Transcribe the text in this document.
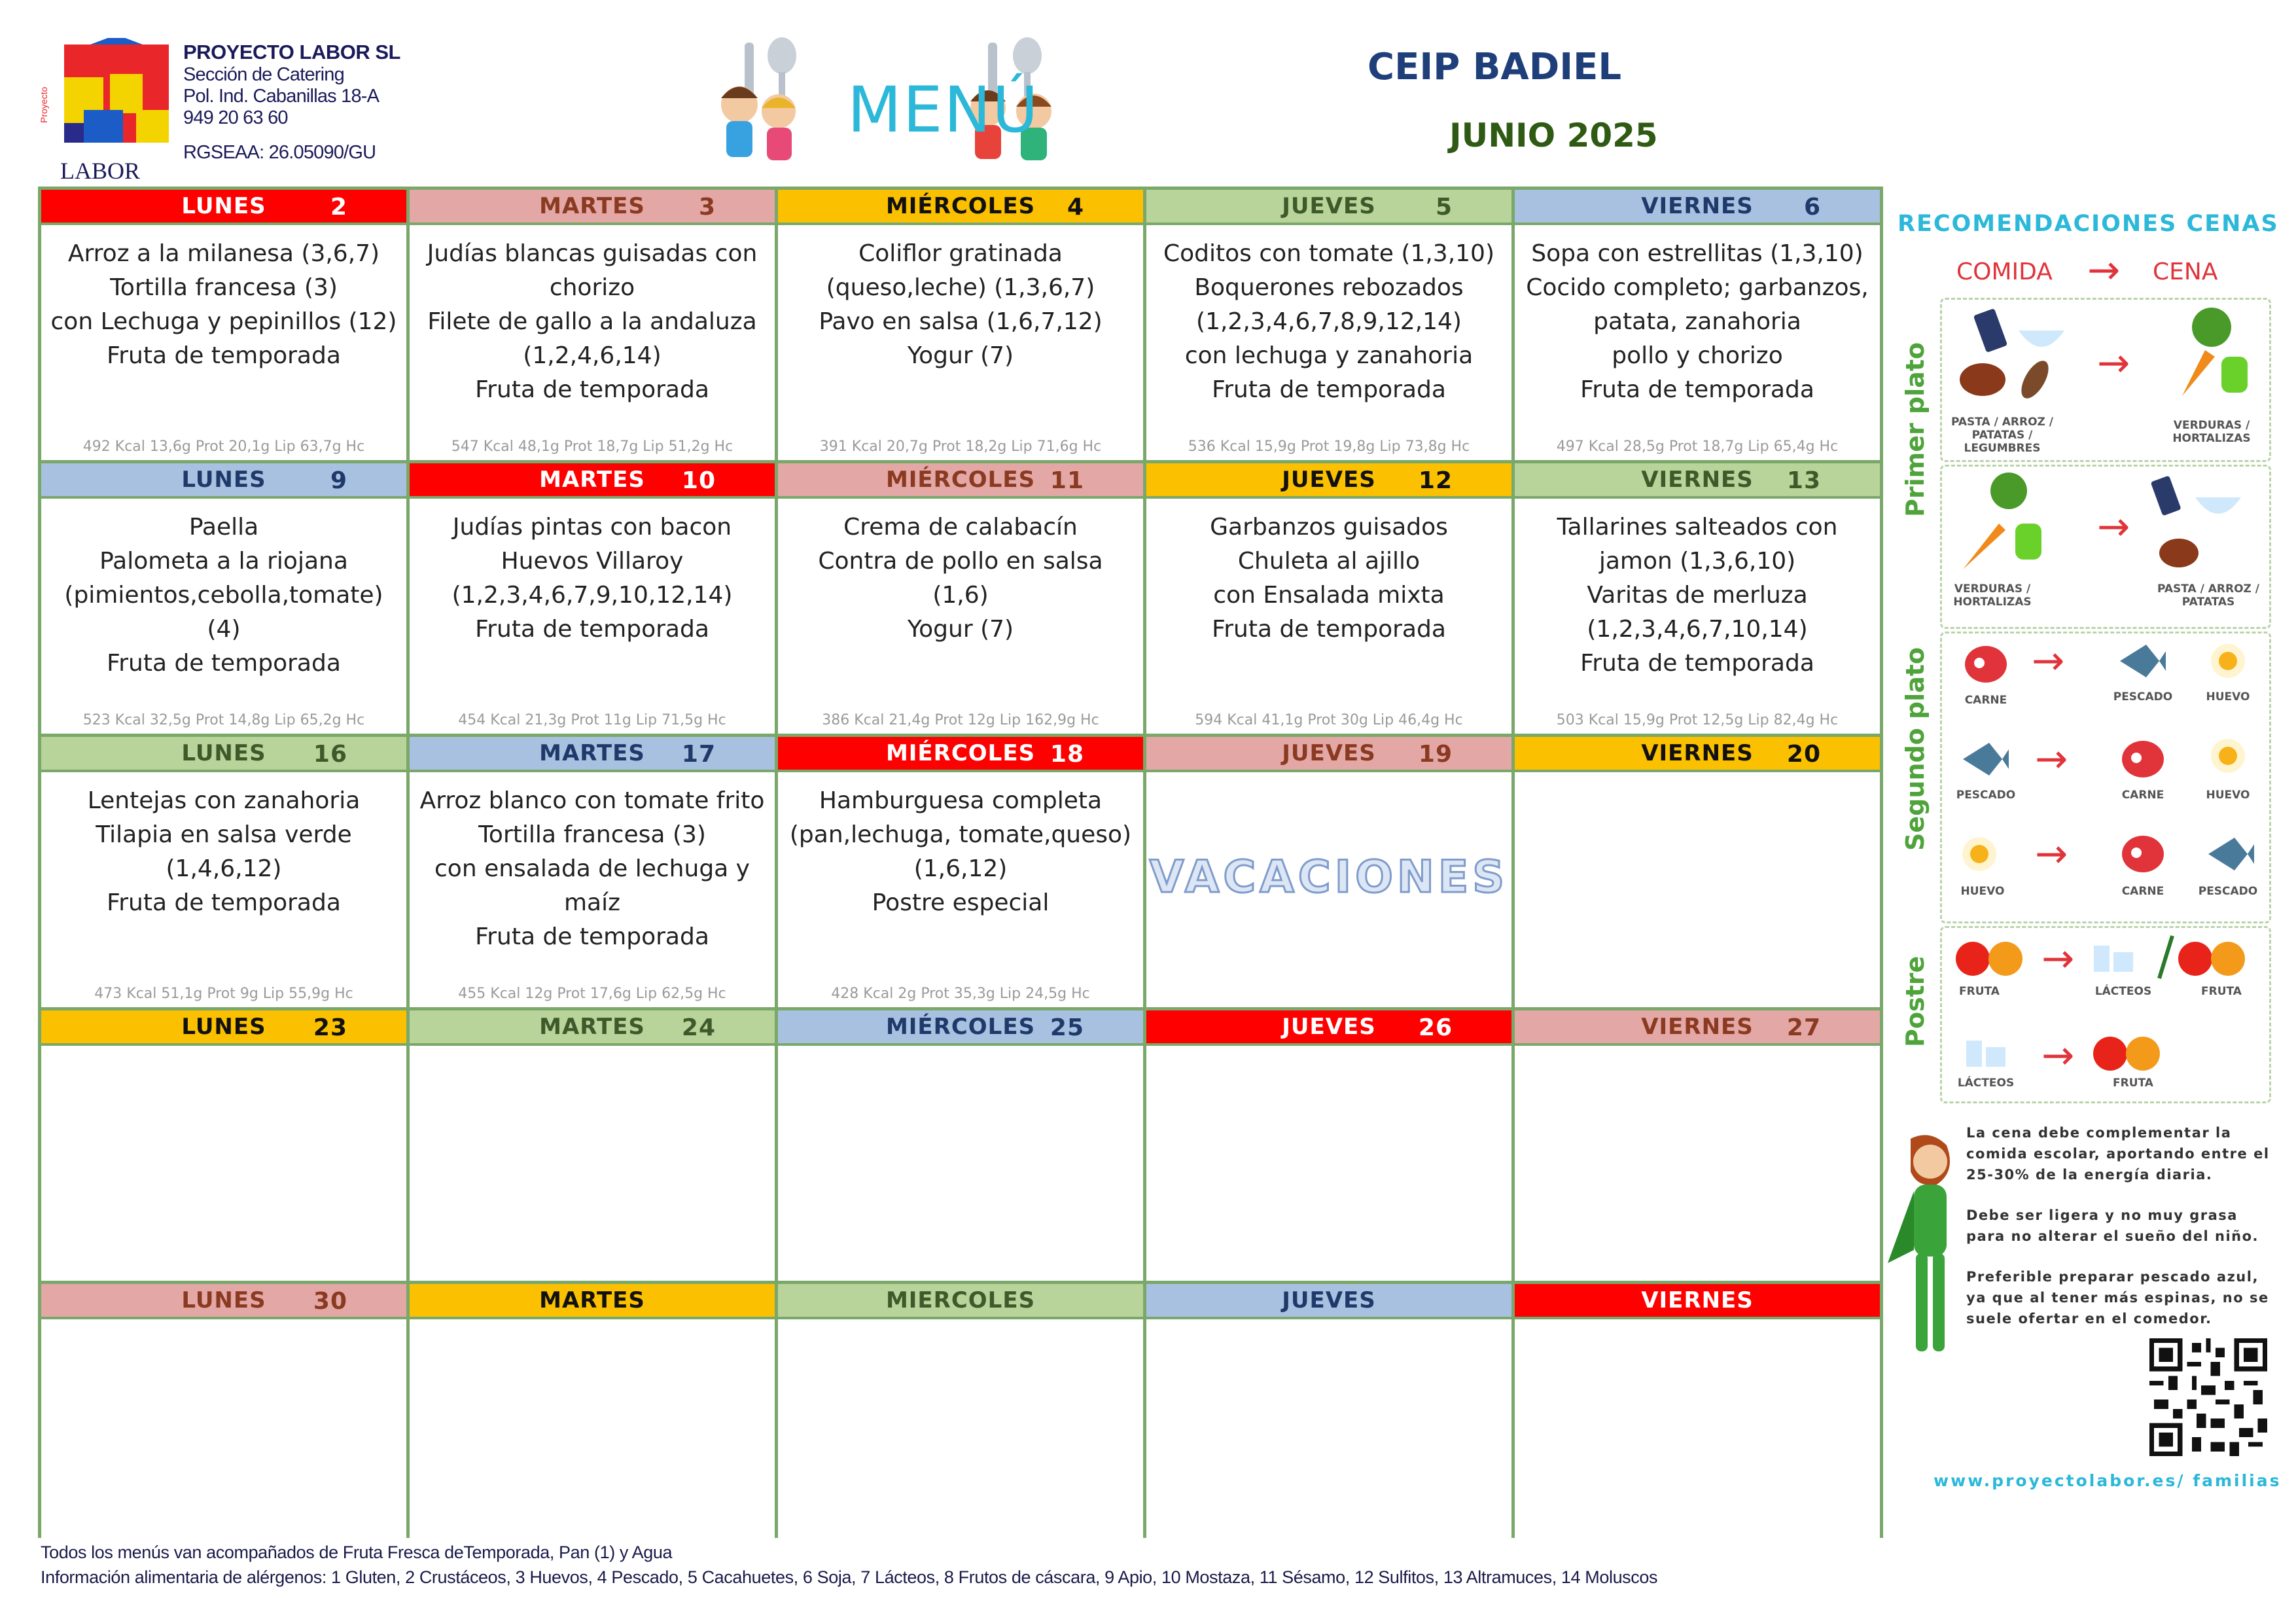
Proyecto
PROYECTO LABOR SL
Sección de Catering
Pol. Ind. Cabanillas 18-A
949 20 63 60
RGSEAA: 26.05090/GU
LABOR
MENÚ
CEIP BADIEL
JUNIO 2025
LUNES	2
Arroz a la milanesa (3,6,7)
Tortilla francesa (3)
con Lechuga y pepinillos (12)
Fruta de temporada
492 Kcal 13,6g Prot 20,1g Lip 63,7g Hc
MARTES 3
Judías blancas guisadas con chorizo
Filete de gallo a la andaluza (1,2,4,6,14)
Fruta de temporada
547 Kcal 48,1g Prot 18,7g Lip 51,2g Hc
MIÉRCOLES 4
Coliflor gratinada (queso,leche) (1,3,6,7)
Pavo en salsa (1,6,7,12)
Yogur (7)
391 Kcal 20,7g Prot 18,2g Lip 71,6g Hc
JUEVES	5
Coditos con tomate (1,3,10)
Boquerones rebozados
(1,2,3,4,6,7,8,9,12,14)
con lechuga y zanahoria
Fruta de temporada
536 Kcal 15,9g Prot 19,8g Lip 73,8g Hc
VIERNES 6
Sopa con estrellitas (1,3,10)
Cocido completo; garbanzos,
patata, zanahoria
pollo y chorizo
Fruta de temporada
497 Kcal 28,5g Prot 18,7g Lip 65,4g Hc
LUNES	9
Paella
Palometa a la riojana
(pimientos,cebolla,tomate) (4)
Fruta de temporada
523 Kcal 32,5g Prot 14,8g Lip 65,2g Hc
MARTES 10
Judías pintas con bacon
Huevos Villaroy
(1,2,3,4,6,7,9,10,12,14)
Fruta de temporada
454 Kcal 21,3g Prot 11g Lip 71,5g Hc
MIÉRCOLES 11
Crema de calabacín
Contra de pollo en salsa (1,6)
Yogur (7)
386 Kcal 21,4g Prot 12g Lip 162,9g Hc
JUEVES 12
Garbanzos guisados
Chuleta al ajillo
con Ensalada mixta
Fruta de temporada
594 Kcal 41,1g Prot 30g Lip 46,4g Hc
VIERNES 13
Tallarines salteados con jamon (1,3,6,10)
Varitas de merluza
(1,2,3,4,6,7,10,14)
Fruta de temporada
503 Kcal 15,9g Prot 12,5g Lip 82,4g Hc
LUNES 16
Lentejas con zanahoria
Tilapia en salsa verde
(1,4,6,12)
Fruta de temporada
473 Kcal 51,1g Prot 9g Lip 55,9g Hc
MARTES 17
Arroz blanco con tomate frito
Tortilla francesa (3)
con ensalada de lechuga y maíz
Fruta de temporada
455 Kcal 12g Prot 17,6g Lip 62,5g Hc
MIÉRCOLES 18
Hamburguesa completa
(pan,lechuga, tomate,queso)
(1,6,12)
Postre especial
428 Kcal 2g Prot 35,3g Lip 24,5g Hc
JUEVES 19
VACACIONES
VIERNES 20
LUNES 23	MARTES 24	MIÉRCOLES 25	JUEVES 26	VIERNES 27
LUNES 30	MARTES	MIERCOLES	JUEVES	VIERNES
Todos los menús van acompañados de Fruta Fresca deTemporada, Pan (1) y Agua
Información alimentaria de alérgenos: 1 Gluten, 2 Crustáceos, 3 Huevos, 4 Pescado, 5 Cacahuetes, 6 Soja, 7 Lácteos, 8 Frutos de cáscara, 9 Apio, 10 Mostaza, 11 Sésamo, 12 Sulfitos, 13 Altramuces, 14 Moluscos
RECOMENDACIONES CENAS
COMIDA → CENA
Primer plato	→
PASTA / ARROZ / PATATAS / LEGUMBRES
VERDURAS / HORTALIZAS
→
VERDURAS / HORTALIZAS
PASTA / ARROZ / PATATAS
Segundo plato	→
CARNE	PESCADO	HUEVO
→
PESCADO	CARNE	HUEVO
→
HUEVO	CARNE	PESCADO
Postre	→
→
FRUTA	LÁCTEOS	FRUTA
LÁCTEOS	FRUTA

La cena debe complementar la comida escolar, aportando entre el 25-30% de la energía diaria.

Debe ser ligera y no muy grasa para no alterar el sueño del niño.

Preferible preparar pescado azul, ya que al tener más espinas, no se suele ofertar en el comedor.

www.proyectolabor.es/ familias
